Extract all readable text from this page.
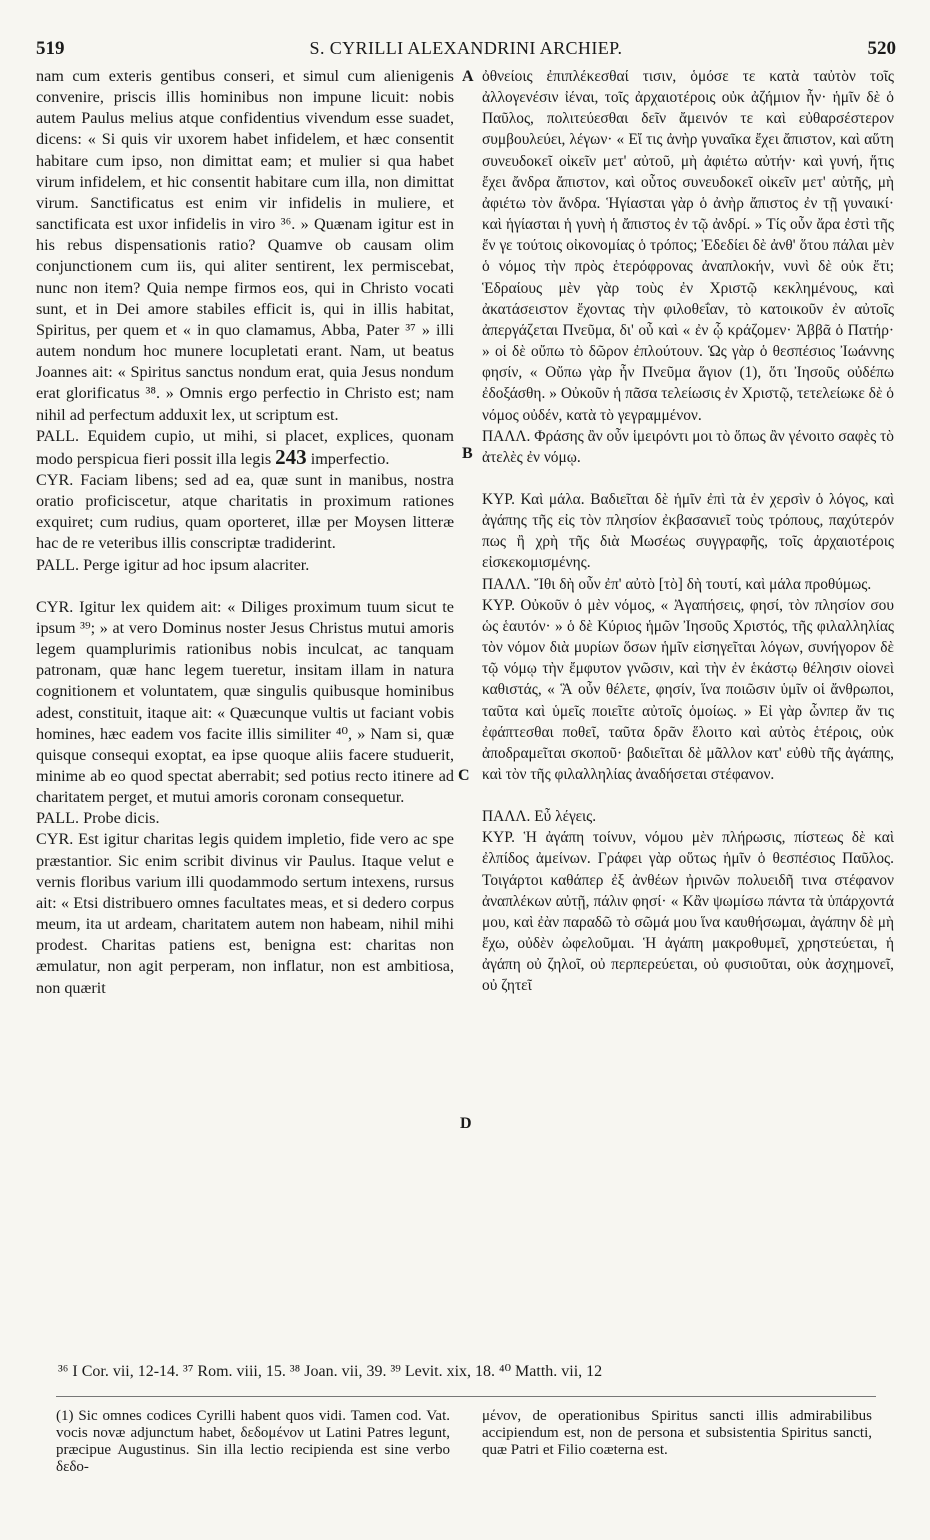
519	S. CYRILLI ALEXANDRINI ARCHIEP.	520
A
B
C
D

nam cum exteris gentibus conseri, et simul cum alienigenis convenire, priscis illis hominibus non impune licuit: nobis autem Paulus melius atque confidentius vivendum esse suadet, dicens: « Si quis vir uxorem habet infidelem, et hæc consentit habitare cum ipso, non dimittat eam; et mulier si qua habet virum infidelem, et hic consentit habitare cum illa, non dimittat virum. Sanctificatus est enim vir infidelis in muliere, et sanctificata est uxor infidelis in viro ³⁶. » Quænam igitur est in his rebus dispensationis ratio? Quamve ob causam olim conjunctionem cum iis, qui aliter sentirent, lex permiscebat, nunc non item? Quia nempe firmos eos, qui in Christo vocati sunt, et in Dei amore stabiles efficit is, qui in illis habitat, Spiritus, per quem et « in quo clamamus, Abba, Pater ³⁷ » illi autem nondum hoc munere locupletati erant. Nam, ut beatus Joannes ait: « Spiritus sanctus nondum erat, quia Jesus nondum erat glorificatus ³⁸. » Omnis ergo perfectio in Christo est; nam nihil ad perfectum adduxit lex, ut scriptum est.

PALL. Equidem cupio, ut mihi, si placet, explices, quonam modo perspicua fieri possit illa legis 243 imperfectio.

CYR. Faciam libens; sed ad ea, quæ sunt in manibus, nostra oratio proficiscetur, atque charitatis in proximum rationes exquiret; cum rudius, quam oporteret, illæ per Moysen litteræ hac de re veteribus illis conscriptæ tradiderint.

PALL. Perge igitur ad hoc ipsum alacriter.

CYR. Igitur lex quidem ait: « Diliges proximum tuum sicut te ipsum ³⁹; » at vero Dominus noster Jesus Christus mutui amoris legem quamplurimis rationibus nobis inculcat, ac tanquam patronam, quæ hanc legem tueretur, insitam illam in natura cognitionem et voluntatem, quæ singulis quibusque hominibus adest, constituit, itaque ait: « Quæcunque vultis ut faciant vobis homines, hæc eadem vos facite illis similiter ⁴⁰, » Nam si, quæ quisque consequi exoptat, ea ipse quoque aliis facere studuerit, minime ab eo quod spectat aberrabit; sed potius recto itinere ad charitatem perget, et mutui amoris coronam consequetur.

PALL. Probe dicis.

CYR. Est igitur charitas legis quidem impletio, fide vero ac spe præstantior. Sic enim scribit divinus vir Paulus. Itaque velut e vernis floribus varium illi quodammodo sertum intexens, rursus ait: « Etsi distribuero omnes facultates meas, et si dedero corpus meum, ita ut ardeam, charitatem autem non habeam, nihil mihi prodest. Charitas patiens est, benigna est: charitas non æmulatur, non agit perperam, non inflatur, non est ambitiosa, non quærit

ὀθνείοις ἐπιπλέκεσθαί τισιν, ὁμόσε τε κατὰ ταὐτὸν τοῖς ἀλλογενέσιν ἰέναι, τοῖς ἀρχαιοτέροις οὐκ ἀζήμιον ἦν· ἡμῖν δὲ ὁ Παῦλος, πολιτεύεσθαι δεῖν ἄμεινόν τε καὶ εὐθαρσέστερον συμβουλεύει, λέγων· « Εἴ τις ἀνὴρ γυναῖκα ἔχει ἄπιστον, καὶ αὕτη συνευδοκεῖ οἰκεῖν μετ' αὐτοῦ, μὴ ἀφιέτω αὐτήν· καὶ γυνή, ἥτις ἔχει ἄνδρα ἄπιστον, καὶ οὗτος συνευδοκεῖ οἰκεῖν μετ' αὐτῆς, μὴ ἀφιέτω τὸν ἄνδρα. Ἡγίασται γὰρ ὁ ἀνὴρ ἄπιστος ἐν τῇ γυναικί· καὶ ἡγίασται ἡ γυνὴ ἡ ἄπιστος ἐν τῷ ἀνδρί. » Τίς οὖν ἄρα ἐστὶ τῆς ἔν γε τούτοις οἰκονομίας ὁ τρόπος; Ἐδεδίει δὲ ἀνθ' ὅτου πάλαι μὲν ὁ νόμος τὴν πρὸς ἑτερόφρονας ἀναπλοκήν, νυνὶ δὲ οὐκ ἔτι; Ἑδραίους μὲν γὰρ τοὺς ἐν Χριστῷ κεκλημένους, καὶ ἀκατάσειστον ἔχοντας τὴν φιλοθεΐαν, τὸ κατοικοῦν ἐν αὐτοῖς ἀπεργάζεται Πνεῦμα, δι' οὗ καὶ « ἐν ᾧ κράζομεν· Ἀββᾶ ὁ Πατήρ· » οἱ δὲ οὔπω τὸ δῶρον ἐπλούτουν. Ὡς γὰρ ὁ θεσπέσιος Ἰωάννης φησίν, « Οὔπω γὰρ ἦν Πνεῦμα ἅγιον (1), ὅτι Ἰησοῦς οὐδέπω ἐδοξάσθη. » Οὐκοῦν ἡ πᾶσα τελείωσις ἐν Χριστῷ, τετελείωκε δὲ ὁ νόμος οὐδέν, κατὰ τὸ γεγραμμένον.

ΠΑΛΛ. Φράσης ἂν οὖν ἱμειρόντι μοι τὸ ὅπως ἂν γένοιτο σαφὲς τὸ ἀτελὲς ἐν νόμῳ.

ΚΥΡ. Καὶ μάλα. Βαδιεῖται δὲ ἡμῖν ἐπὶ τὰ ἐν χερσὶν ὁ λόγος, καὶ ἀγάπης τῆς εἰς τὸν πλησίον ἐκβασανιεῖ τοὺς τρόπους, παχύτερόν πως ἢ χρὴ τῆς διὰ Μωσέως συγγραφῆς, τοῖς ἀρχαιοτέροις εἰσκεκομισμένης.

ΠΑΛΛ. Ἴθι δὴ οὖν ἐπ' αὐτὸ [τὸ] δὴ τουτί, καὶ μάλα προθύμως.

ΚΥΡ. Οὐκοῦν ὁ μὲν νόμος, « Ἀγαπήσεις, φησί, τὸν πλησίον σου ὡς ἑαυτόν· » ὁ δὲ Κύριος ἡμῶν Ἰησοῦς Χριστός, τῆς φιλαλληλίας τὸν νόμον διὰ μυρίων ὅσων ἡμῖν εἰσηγεῖται λόγων, συνήγορον δὲ τῷ νόμῳ τὴν ἔμφυτον γνῶσιν, καὶ τὴν ἐν ἑκάστῳ θέλησιν οἰονεὶ καθιστάς, « Ἃ οὖν θέλετε, φησίν, ἵνα ποιῶσιν ὑμῖν οἱ ἄνθρωποι, ταῦτα καὶ ὑμεῖς ποιεῖτε αὐτοῖς ὁμοίως. » Εἰ γὰρ ὧνπερ ἄν τις ἐφάπτεσθαι ποθεῖ, ταῦτα δρᾶν ἕλοιτο καὶ αὐτὸς ἑτέροις, οὐκ ἀποδραμεῖται σκοποῦ· βαδιεῖται δὲ μᾶλλον κατ' εὐθὺ τῆς ἀγάπης, καὶ τὸν τῆς φιλαλληλίας ἀναδήσεται στέφανον.

ΠΑΛΛ. Εὖ λέγεις.

ΚΥΡ. Ἡ ἀγάπη τοίνυν, νόμου μὲν πλήρωσις, πίστεως δὲ καὶ ἐλπίδος ἀμείνων. Γράφει γὰρ οὕτως ἡμῖν ὁ θεσπέσιος Παῦλος. Τοιγάρτοι καθάπερ ἐξ ἀνθέων ἠρινῶν πολυειδῆ τινα στέφανον ἀναπλέκων αὐτῇ, πάλιν φησί· « Κἂν ψωμίσω πάντα τὰ ὑπάρχοντά μου, καὶ ἐὰν παραδῶ τὸ σῶμά μου ἵνα καυθήσωμαι, ἀγάπην δὲ μὴ ἔχω, οὐδὲν ὠφελοῦμαι. Ἡ ἀγάπη μακροθυμεῖ, χρηστεύεται, ἡ ἀγάπη οὐ ζηλοῖ, οὐ περπερεύεται, οὐ φυσιοῦται, οὐκ ἀσχημονεῖ, οὐ ζητεῖ

³⁶ I Cor. vii, 12-14. ³⁷ Rom. viii, 15. ³⁸ Joan. vii, 39. ³⁹ Levit. xix, 18. ⁴⁰ Matth. vii, 12
(1) Sic omnes codices Cyrilli habent quos vidi. Tamen cod. Vat. vocis novæ adjunctum habet, δεδομένον ut Latini Patres legunt, præcipue Augustinus. Sin illa lectio recipienda est sine verbo δεδο-
μένον, de operationibus Spiritus sancti illis admirabilibus accipiendum est, non de persona et subsistentia Spiritus sancti, quæ Patri et Filio coæterna est.
